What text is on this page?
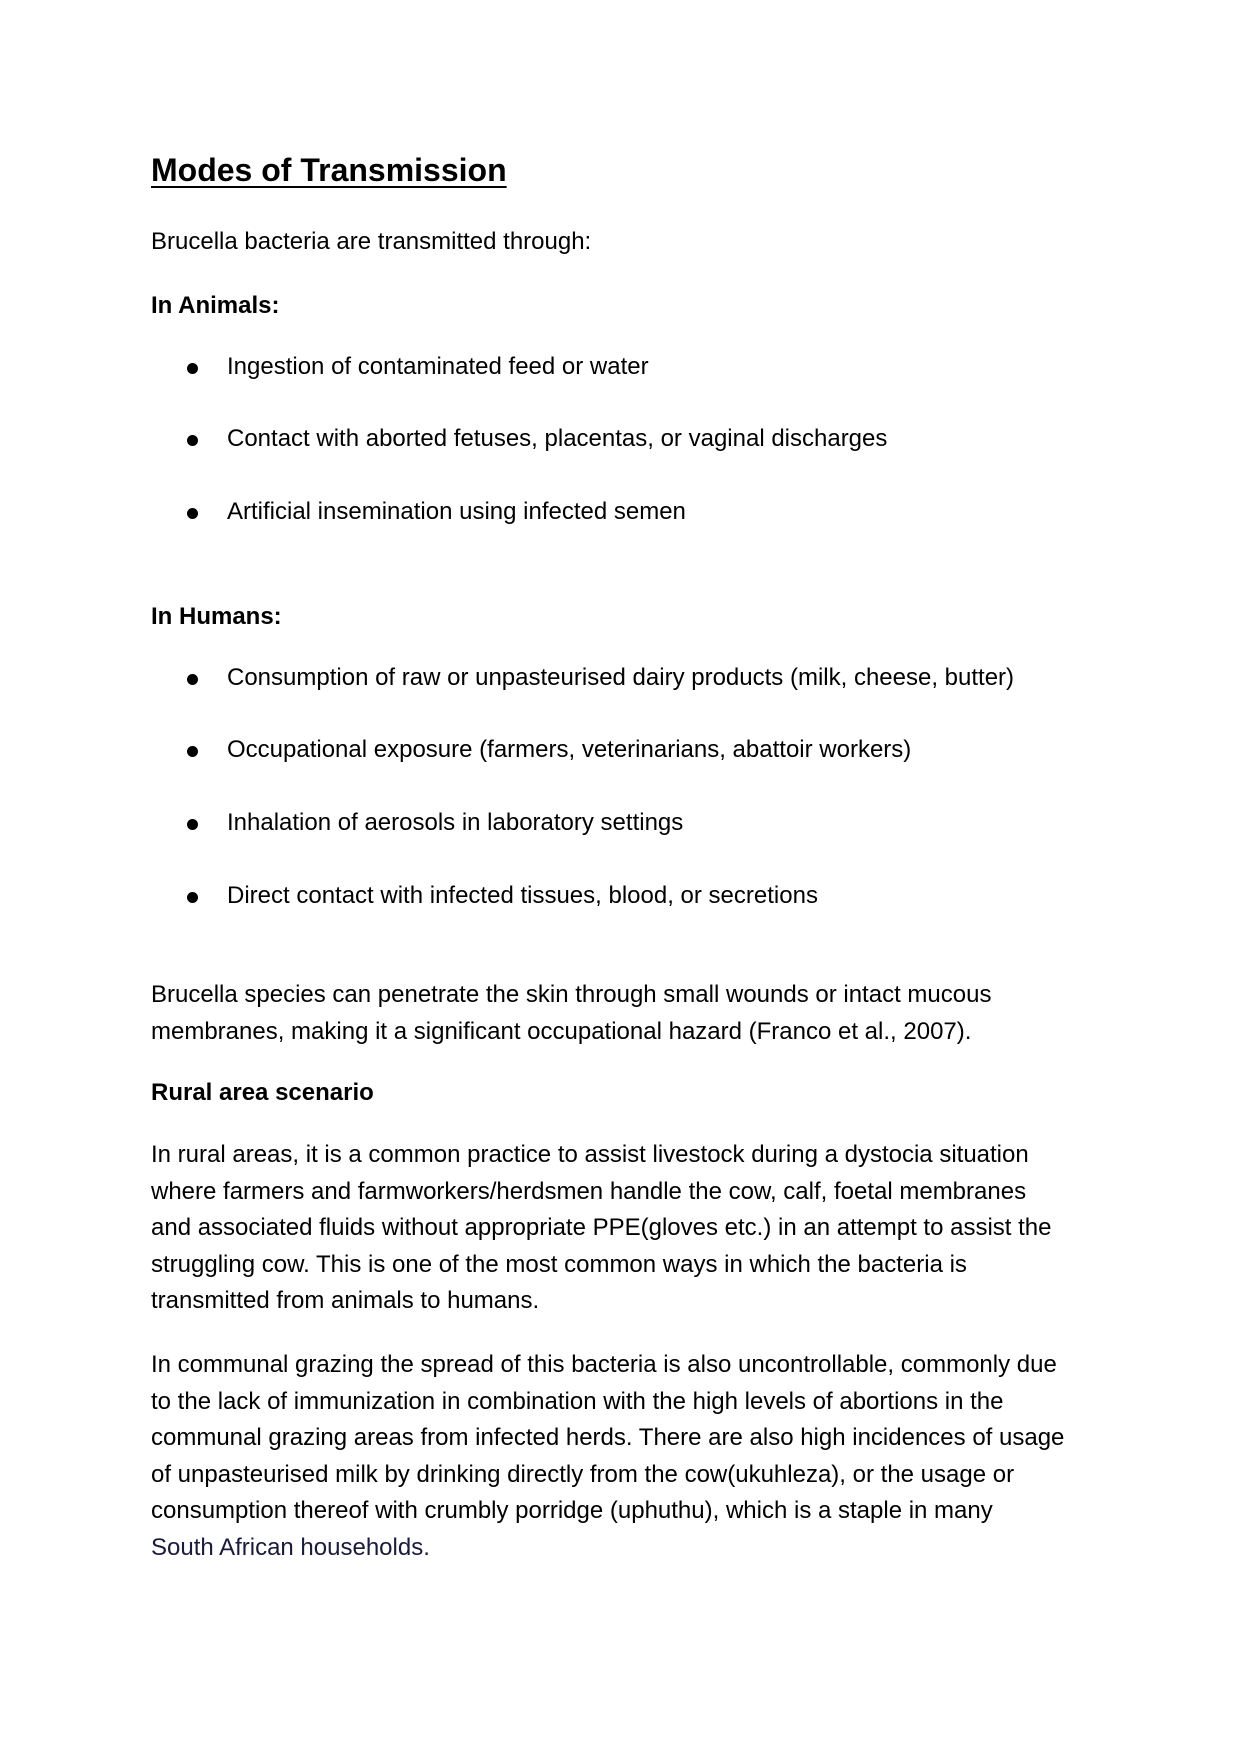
Modes of Transmission
Brucella bacteria are transmitted through:
In Animals:
Ingestion of contaminated feed or water
Contact with aborted fetuses, placentas, or vaginal discharges
Artificial insemination using infected semen
In Humans:
Consumption of raw or unpasteurised dairy products (milk, cheese, butter)
Occupational exposure (farmers, veterinarians, abattoir workers)
Inhalation of aerosols in laboratory settings
Direct contact with infected tissues, blood, or secretions
Brucella species can penetrate the skin through small wounds or intact mucous
membranes, making it a significant occupational hazard (Franco et al., 2007).
Rural area scenario
In rural areas, it is a common practice to assist livestock during a dystocia situation
where farmers and farmworkers/herdsmen handle the cow, calf, foetal membranes
and associated fluids without appropriate PPE(gloves etc.) in an attempt to assist the
struggling cow. This is one of the most common ways in which the bacteria is
transmitted from animals to humans.
In communal grazing the spread of this bacteria is also uncontrollable, commonly due
to the lack of immunization in combination with the high levels of abortions in the
communal grazing areas from infected herds. There are also high incidences of usage
of unpasteurised milk by drinking directly from the cow(ukuhleza), or the usage or
consumption thereof with crumbly porridge (uphuthu), which is a staple in many
South African households.
